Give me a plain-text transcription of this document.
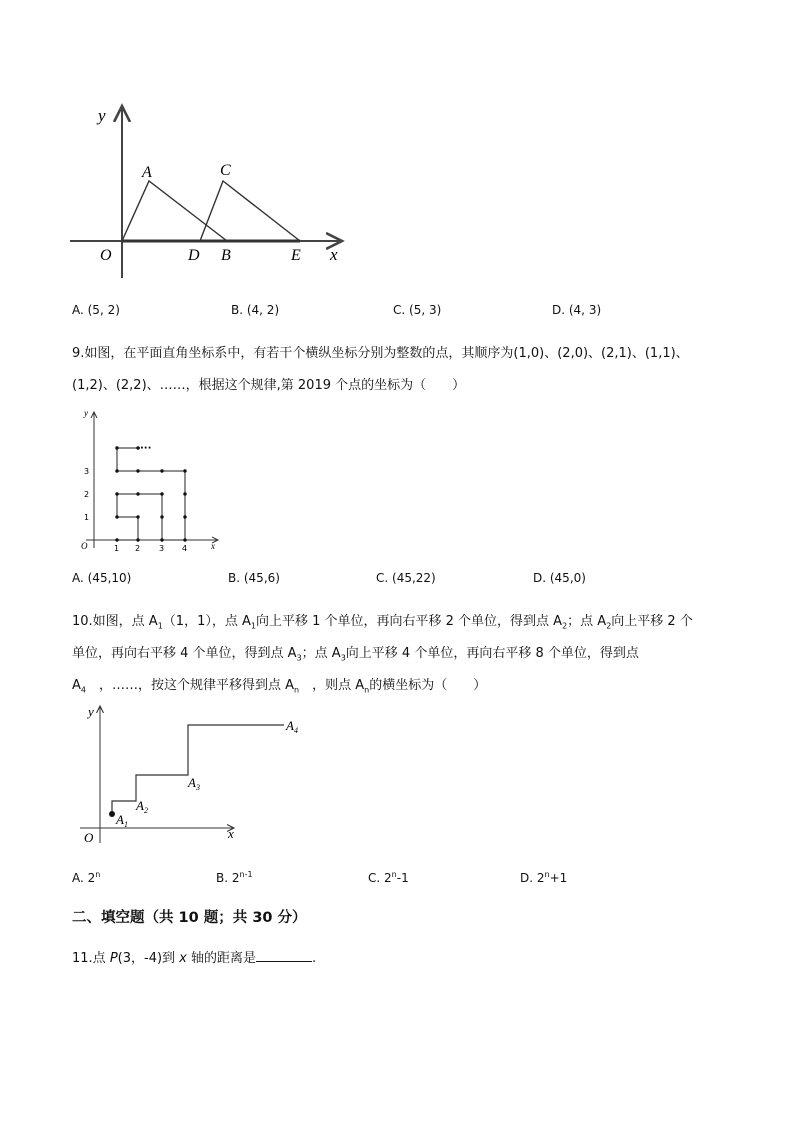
y
x
O
A
B
C
D	E
A. (5, 2)	B. (4, 2)	C. (5, 3)	D. (4, 3)
9.如图，在平面直角坐标系中，有若干个横纵坐标分别为整数的点，其顺序为(1,0)、(2,0)、(2,1)、(1,1)、
(1,2)、(2,2)、……，根据这个规律,第 2019 个点的坐标为（　　）
···
y
x
O	1 2 3 4
1
2
3
A. (45,10)	B. (45,6)	C. (45,22)	D. (45,0)
10.如图，点 $A_1(1$，1），点 $A_1$向上平移 1 个单位，再向右平移 2 个单位，得到点 $A_2$；点 $A_2$向上平移 2 个
单位，再向右平移 4 个单位，得到点 $A_3$；点 $A_3$向上平移 4 个单位，再向右平移 8 个单位，得到点
$A_4$　，……，按这个规律平移得到点 $A_n$　，则点 $A_n$的横坐标为（　　）
y
x
O
$A_1$
$A_2$
$A_3$
$A_4$
A. 2$^n$	B. 2$^{n-1}$	C. 2$^n$-1	D. $2^n+1$
二、填空题（共 10 题；共 30 分）
11.点 P(3，-4)到 x 轴的距离是	.
